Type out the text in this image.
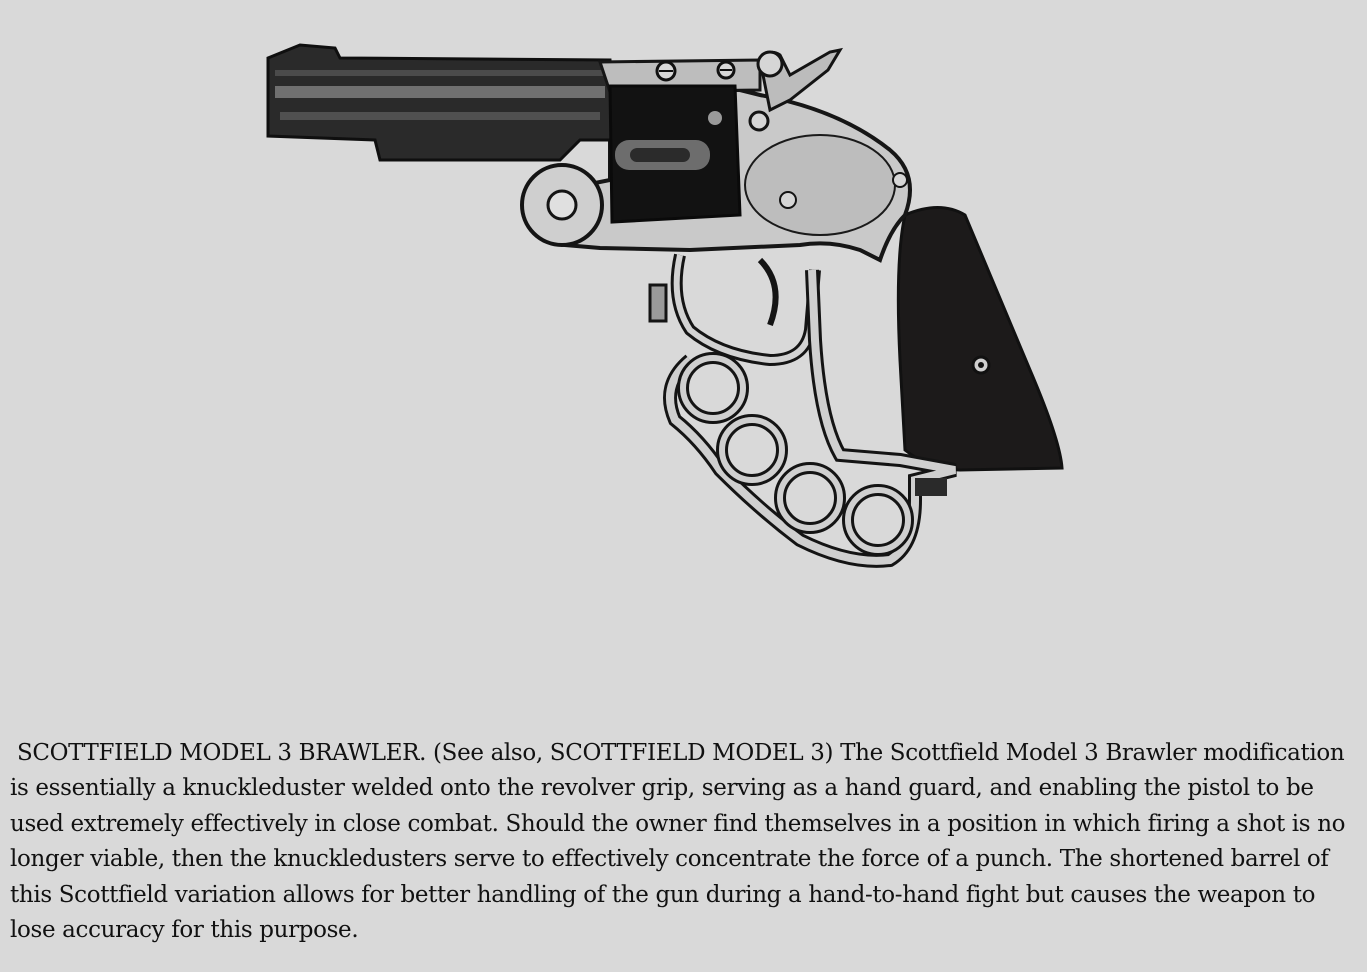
SCOTTFIELD MODEL 3 BRAWLER. (See also, SCOTTFIELD MODEL 3) The Scottfield Model 3 Brawler modification is essentially a knuckleduster welded onto the revolver grip, serving as a hand guard, and enabling the pistol to be used extremely effectively in close combat. Should the owner find themselves in a position in which firing a shot is no longer viable, then the knuckledusters serve to effectively concentrate the force of a punch. The shortened barrel of this Scottfield variation allows for better handling of the gun during a hand-to-hand fight but causes the weapon to lose accuracy for this purpose.
